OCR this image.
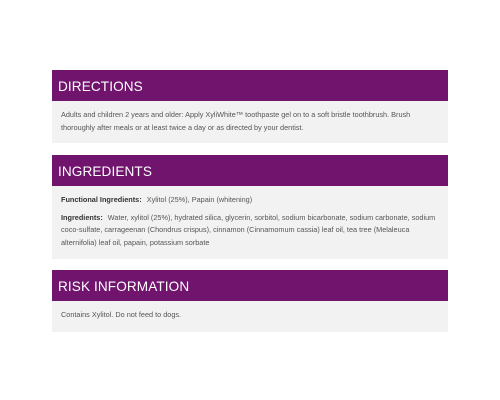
DIRECTIONS

Adults and children 2 years and older: Apply XyliWhite™ toothpaste gel on to a soft bristle toothbrush. Brush thoroughly after meals or at least twice a day or as directed by your dentist.

INGREDIENTS

Functional Ingredients: Xylitol (25%), Papain (whitening)

Ingredients: Water, xylitol (25%), hydrated silica, glycerin, sorbitol, sodium bicarbonate, sodium carbonate, sodium coco-sulfate, carrageenan (Chondrus crispus), cinnamon (Cinnamomum cassia) leaf oil, tea tree (Melaleuca alternifolia) leaf oil, papain, potassium sorbate

RISK INFORMATION

Contains Xylitol. Do not feed to dogs.
